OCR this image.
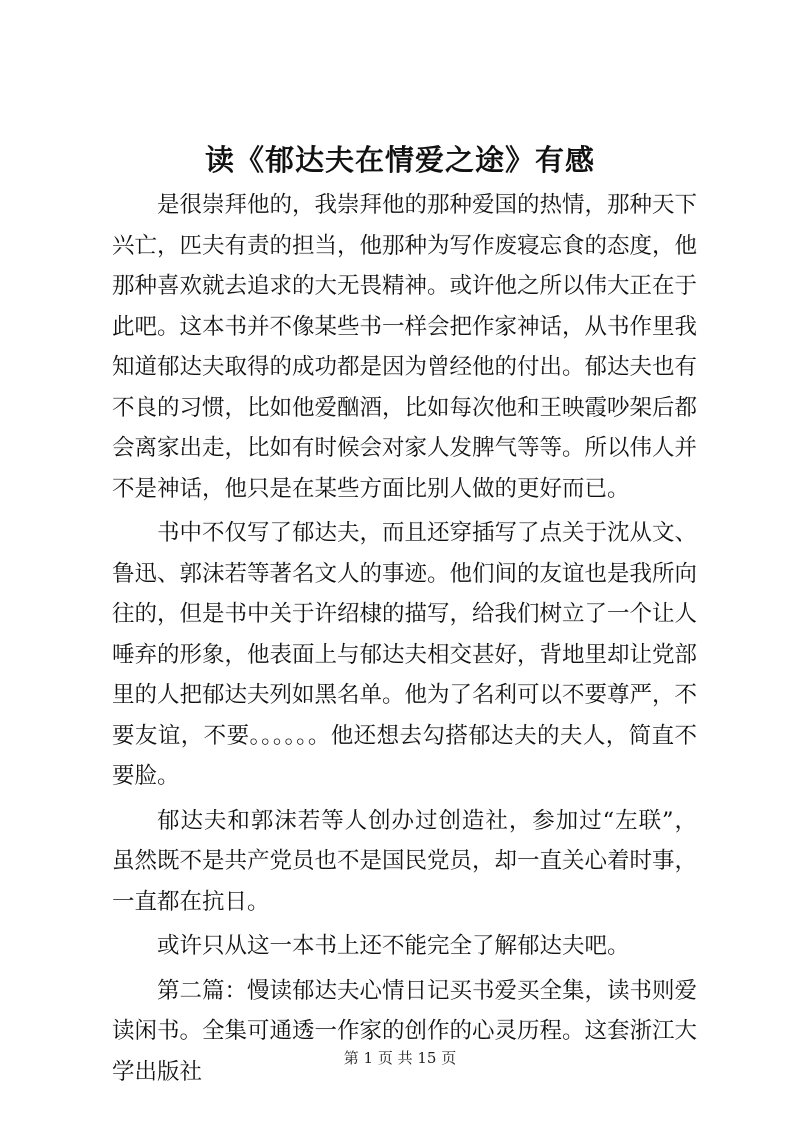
读《郁达夫在情爱之途》有感

是很崇拜他的，我崇拜他的那种爱国的热情，那种天下兴亡，匹夫有责的担当，他那种为写作废寝忘食的态度，他那种喜欢就去追求的大无畏精神。或许他之所以伟大正在于此吧。这本书并不像某些书一样会把作家神话，从书作里我知道郁达夫取得的成功都是因为曾经他的付出。郁达夫也有不良的习惯，比如他爱酗酒，比如每次他和王映霞吵架后都会离家出走，比如有时候会对家人发脾气等等。所以伟人并不是神话，他只是在某些方面比别人做的更好而已。

书中不仅写了郁达夫，而且还穿插写了点关于沈从文、鲁迅、郭沫若等著名文人的事迹。他们间的友谊也是我所向往的，但是书中关于许绍棣的描写，给我们树立了一个让人唾弃的形象，他表面上与郁达夫相交甚好，背地里却让党部里的人把郁达夫列如黑名单。他为了名利可以不要尊严，不要友谊，不要。。。。。。他还想去勾搭郁达夫的夫人，简直不要脸。

郁达夫和郭沫若等人创办过创造社，参加过“左联”，虽然既不是共产党员也不是国民党员，却一直关心着时事，一直都在抗日。

或许只从这一本书上还不能完全了解郁达夫吧。

第二篇：慢读郁达夫心情日记买书爱买全集，读书则爱读闲书。全集可通透一作家的创作的心灵历程。这套浙江大学出版社

第 1 页 共 15 页
